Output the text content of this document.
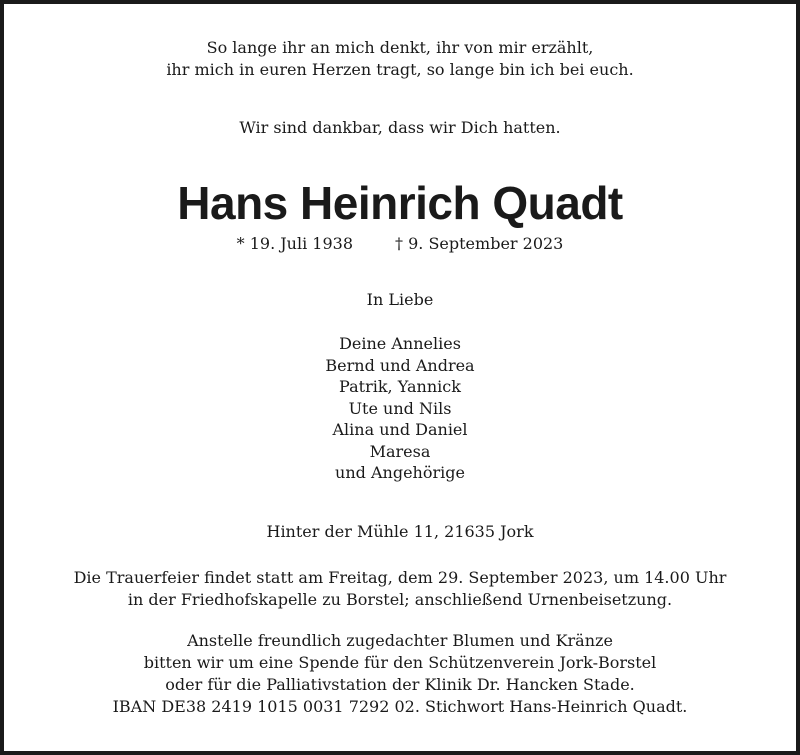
So lange ihr an mich denkt, ihr von mir erzählt,
ihr mich in euren Herzen tragt, so lange bin ich bei euch.
Wir sind dankbar, dass wir Dich hatten.
Hans Heinrich Quadt
* 19. Juli 1938	† 9. September 2023
In Liebe
Deine Annelies
Bernd und Andrea
Patrik, Yannick
Ute und Nils
Alina und Daniel
Maresa
und Angehörige
Hinter der Mühle 11, 21635 Jork
Die Trauerfeier findet statt am Freitag, dem 29. September 2023, um 14.00 Uhr
in der Friedhofskapelle zu Borstel; anschließend Urnenbeisetzung.
Anstelle freundlich zugedachter Blumen und Kränze
bitten wir um eine Spende für den Schützenverein Jork-Borstel
oder für die Palliativstation der Klinik Dr. Hancken Stade.
IBAN DE38 2419 1015 0031 7292 02. Stichwort Hans-Heinrich Quadt.
